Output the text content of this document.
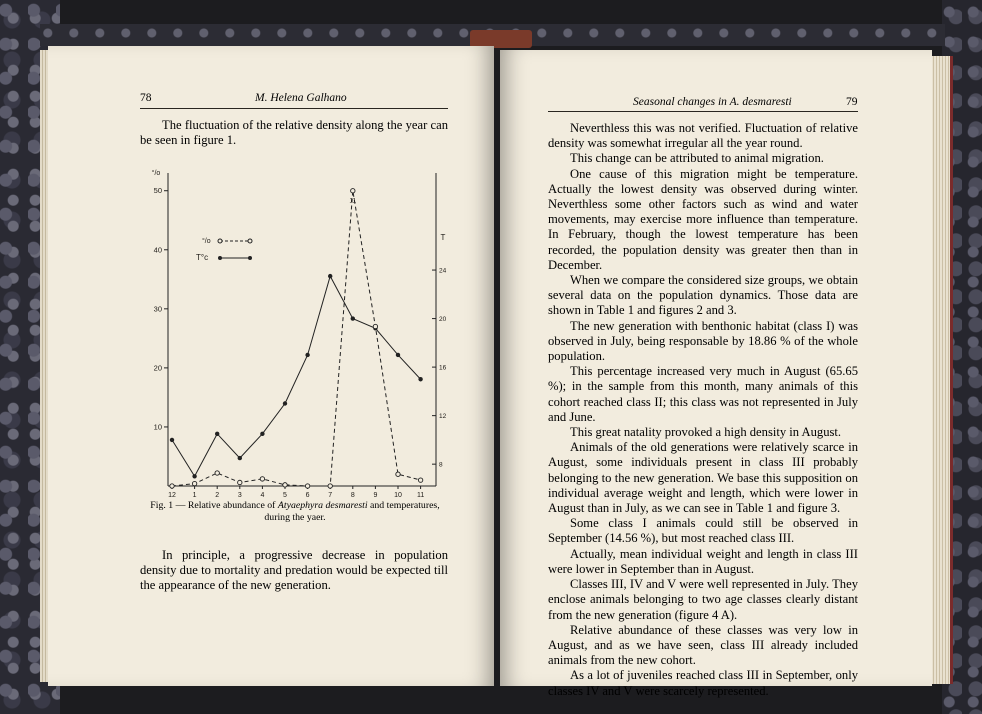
78	M. Helena Galhano

The fluctuation of the relative density along the year can be seen in figure 1.

°/o
T
10
20
30
40
50
8
12
16
20
24
12 1	2	3	4	5	6	7	8	9 10 11
11
°/o
T°c
Fig. 1 — Relative abundance of Atyaephyra desmaresti and temperatures, during the yaer.

In principle, a progressive decrease in population density due to mortality and predation would be expected till the appearance of the new generation.

Seasonal changes in A. desmaresti	79

Neverthless this was not verified. Fluctuation of relative density was somewhat irregular all the year round.

This change can be attributed to animal migration.

One cause of this migration might be temperature. Actually the lowest density was observed during winter. Neverthless some other factors such as wind and water movements, may exercise more influence than temperature. In February, though the lowest temperature has been recorded, the population density was greater then than in December.

When we compare the considered size groups, we obtain several data on the population dynamics. Those data are shown in Table 1 and figures 2 and 3.

The new generation with benthonic habitat (class I) was observed in July, being responsable by 18.86 % of the whole population.

This percentage increased very much in August (65.65 %); in the sample from this month, many animals of this cohort reached class II; this class was not represented in July and June.

This great natality provoked a high density in August.

Animals of the old generations were relatively scarce in August, some individuals present in class III probably belonging to the new generation. We base this supposition on individual average weight and length, which were lower in August than in July, as we can see in Table 1 and figure 3.

Some class I animals could still be observed in September (14.56 %), but most reached class III.

Actually, mean individual weight and length in class III were lower in September than in August.

Classes III, IV and V were well represented in July. They enclose animals belonging to two age classes clearly distant from the new generation (figure 4 A).

Relative abundance of these classes was very low in August, and as we have seen, class III already included animals from the new cohort.

As a lot of juveniles reached class III in September, only classes IV and V were scarcely represented.
